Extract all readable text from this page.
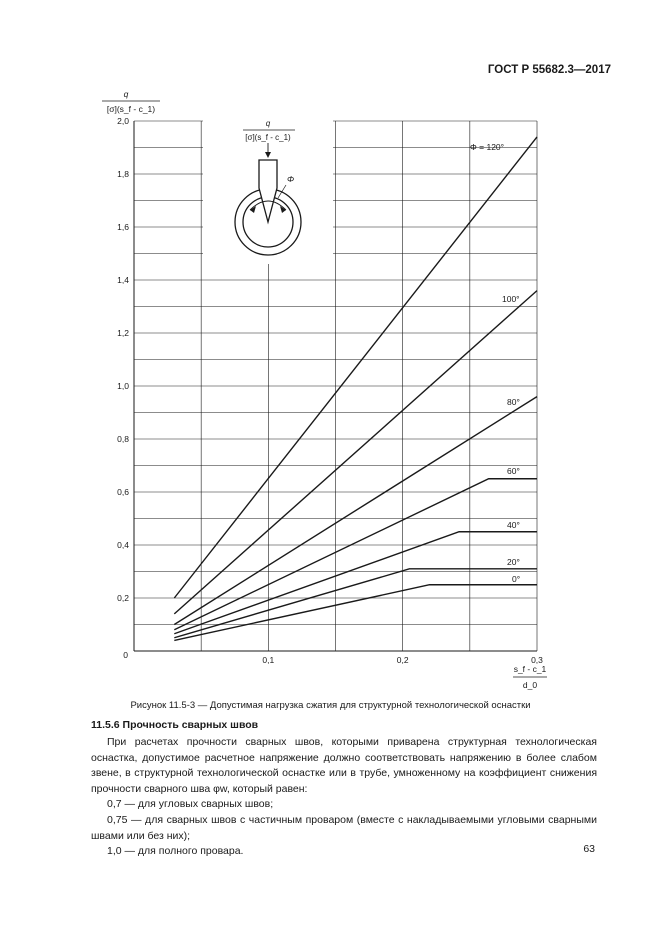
ГОСТ Р 55682.3—2017
0
0,2
0,4
0,6
0,8
1,0
1,2
1,4
1,6
1,8
2,0
0,1	0,2	0,3
Φ = 120°
100°
80°
60°
40°
20°
0°
q
[σ](s_f - c_1)
s_f - c_1
d_0
q
[σ](s_f - c_1)
Φ
Рисунок 11.5-3 — Допустимая нагрузка сжатия для структурной технологической оснастки
11.5.6 Прочность сварных швов

При расчетах прочности сварных швов, которыми приварена структурная технологическая оснастка, допустимое расчетное напряжение должно соответствовать напряжению в более слабом звене, в структурной технологической оснастке или в трубе, умноженному на коэффициент снижения прочности сварного шва φw, который равен:

0,7 — для угловых сварных швов;

0,75 — для сварных швов с частичным проваром (вместе с накладываемыми угловыми сварными швами или без них);

1,0 — для полного провара.	63
